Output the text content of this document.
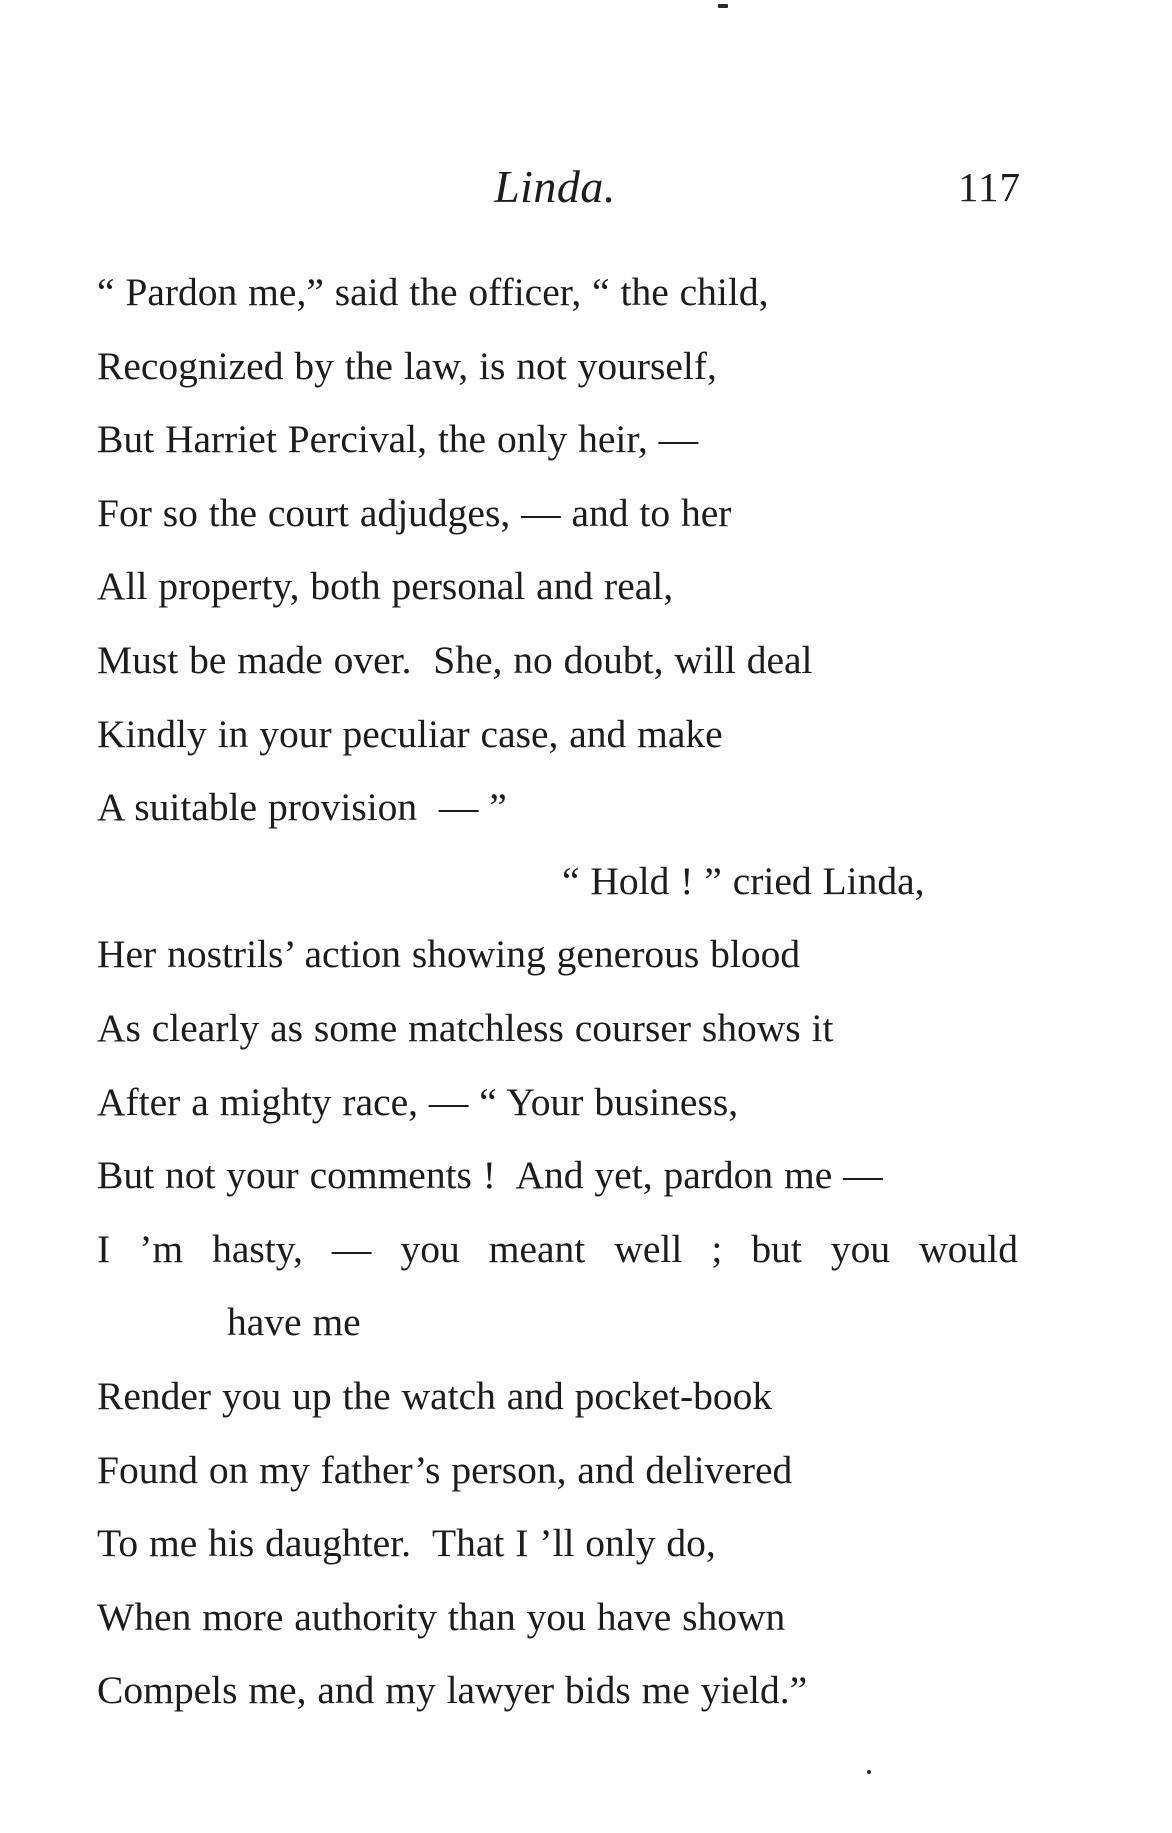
Linda.	117
“ Pardon me,” said the officer, “ the child,
Recognized by the law, is not yourself,
But Harriet Percival, the only heir, —
For so the court adjudges, — and to her
All property, both personal and real,
Must be made over.  She, no doubt, will deal
Kindly in your peculiar case, and make
A suitable provision  — ”
“ Hold ! ” cried Linda,
Her nostrils’ action showing generous blood
As clearly as some matchless courser shows it
After a mighty race, — “ Your business,
But not your comments !  And yet, pardon me —
I ’m hasty, — you meant well ; but you would
have me
Render you up the watch and pocket-book
Found on my father’s person, and delivered
To me his daughter.  That I ’ll only do,
When more authority than you have shown
Compels me, and my lawyer bids me yield.”
